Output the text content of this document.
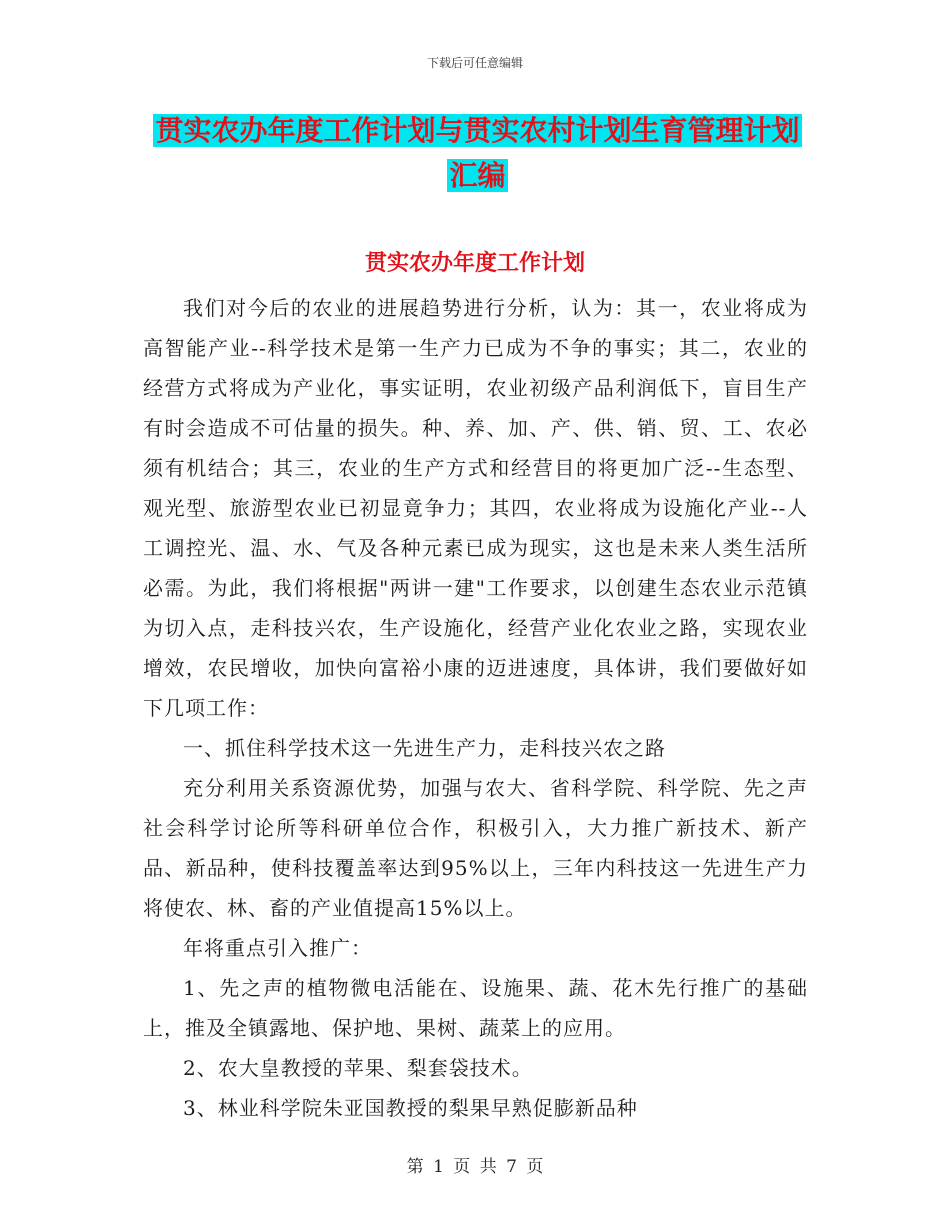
下载后可任意编辑
贯实农办年度工作计划与贯实农村计划生育管理计划
汇编
贯实农办年度工作计划

我们对今后的农业的进展趋势进行分析，认为：其一，农业将成为高智能产业--科学技术是第一生产力已成为不争的事实；其二，农业的经营方式将成为产业化，事实证明，农业初级产品利润低下，盲目生产有时会造成不可估量的损失。种、养、加、产、供、销、贸、工、农必须有机结合；其三，农业的生产方式和经营目的将更加广泛--生态型、观光型、旅游型农业已初显竟争力；其四，农业将成为设施化产业--人工调控光、温、水、气及各种元素已成为现实，这也是未来人类生活所必需。为此，我们将根据"两讲一建"工作要求，以创建生态农业示范镇为切入点，走科技兴农，生产设施化，经营产业化农业之路，实现农业增效，农民增收，加快向富裕小康的迈进速度，具体讲，我们要做好如下几项工作：

一、抓住科学技术这一先进生产力，走科技兴农之路

充分利用关系资源优势，加强与农大、省科学院、科学院、先之声社会科学讨论所等科研单位合作，积极引入，大力推广新技术、新产品、新品种，使科技覆盖率达到95%以上，三年内科技这一先进生产力将使农、林、畜的产业值提高15%以上。

年将重点引入推广：

1、先之声的植物微电活能在、设施果、蔬、花木先行推广的基础上，推及全镇露地、保护地、果树、蔬菜上的应用。

2、农大皇教授的苹果、梨套袋技术。

3、林业科学院朱亚国教授的梨果早熟促膨新品种

第 1 页 共 7 页
